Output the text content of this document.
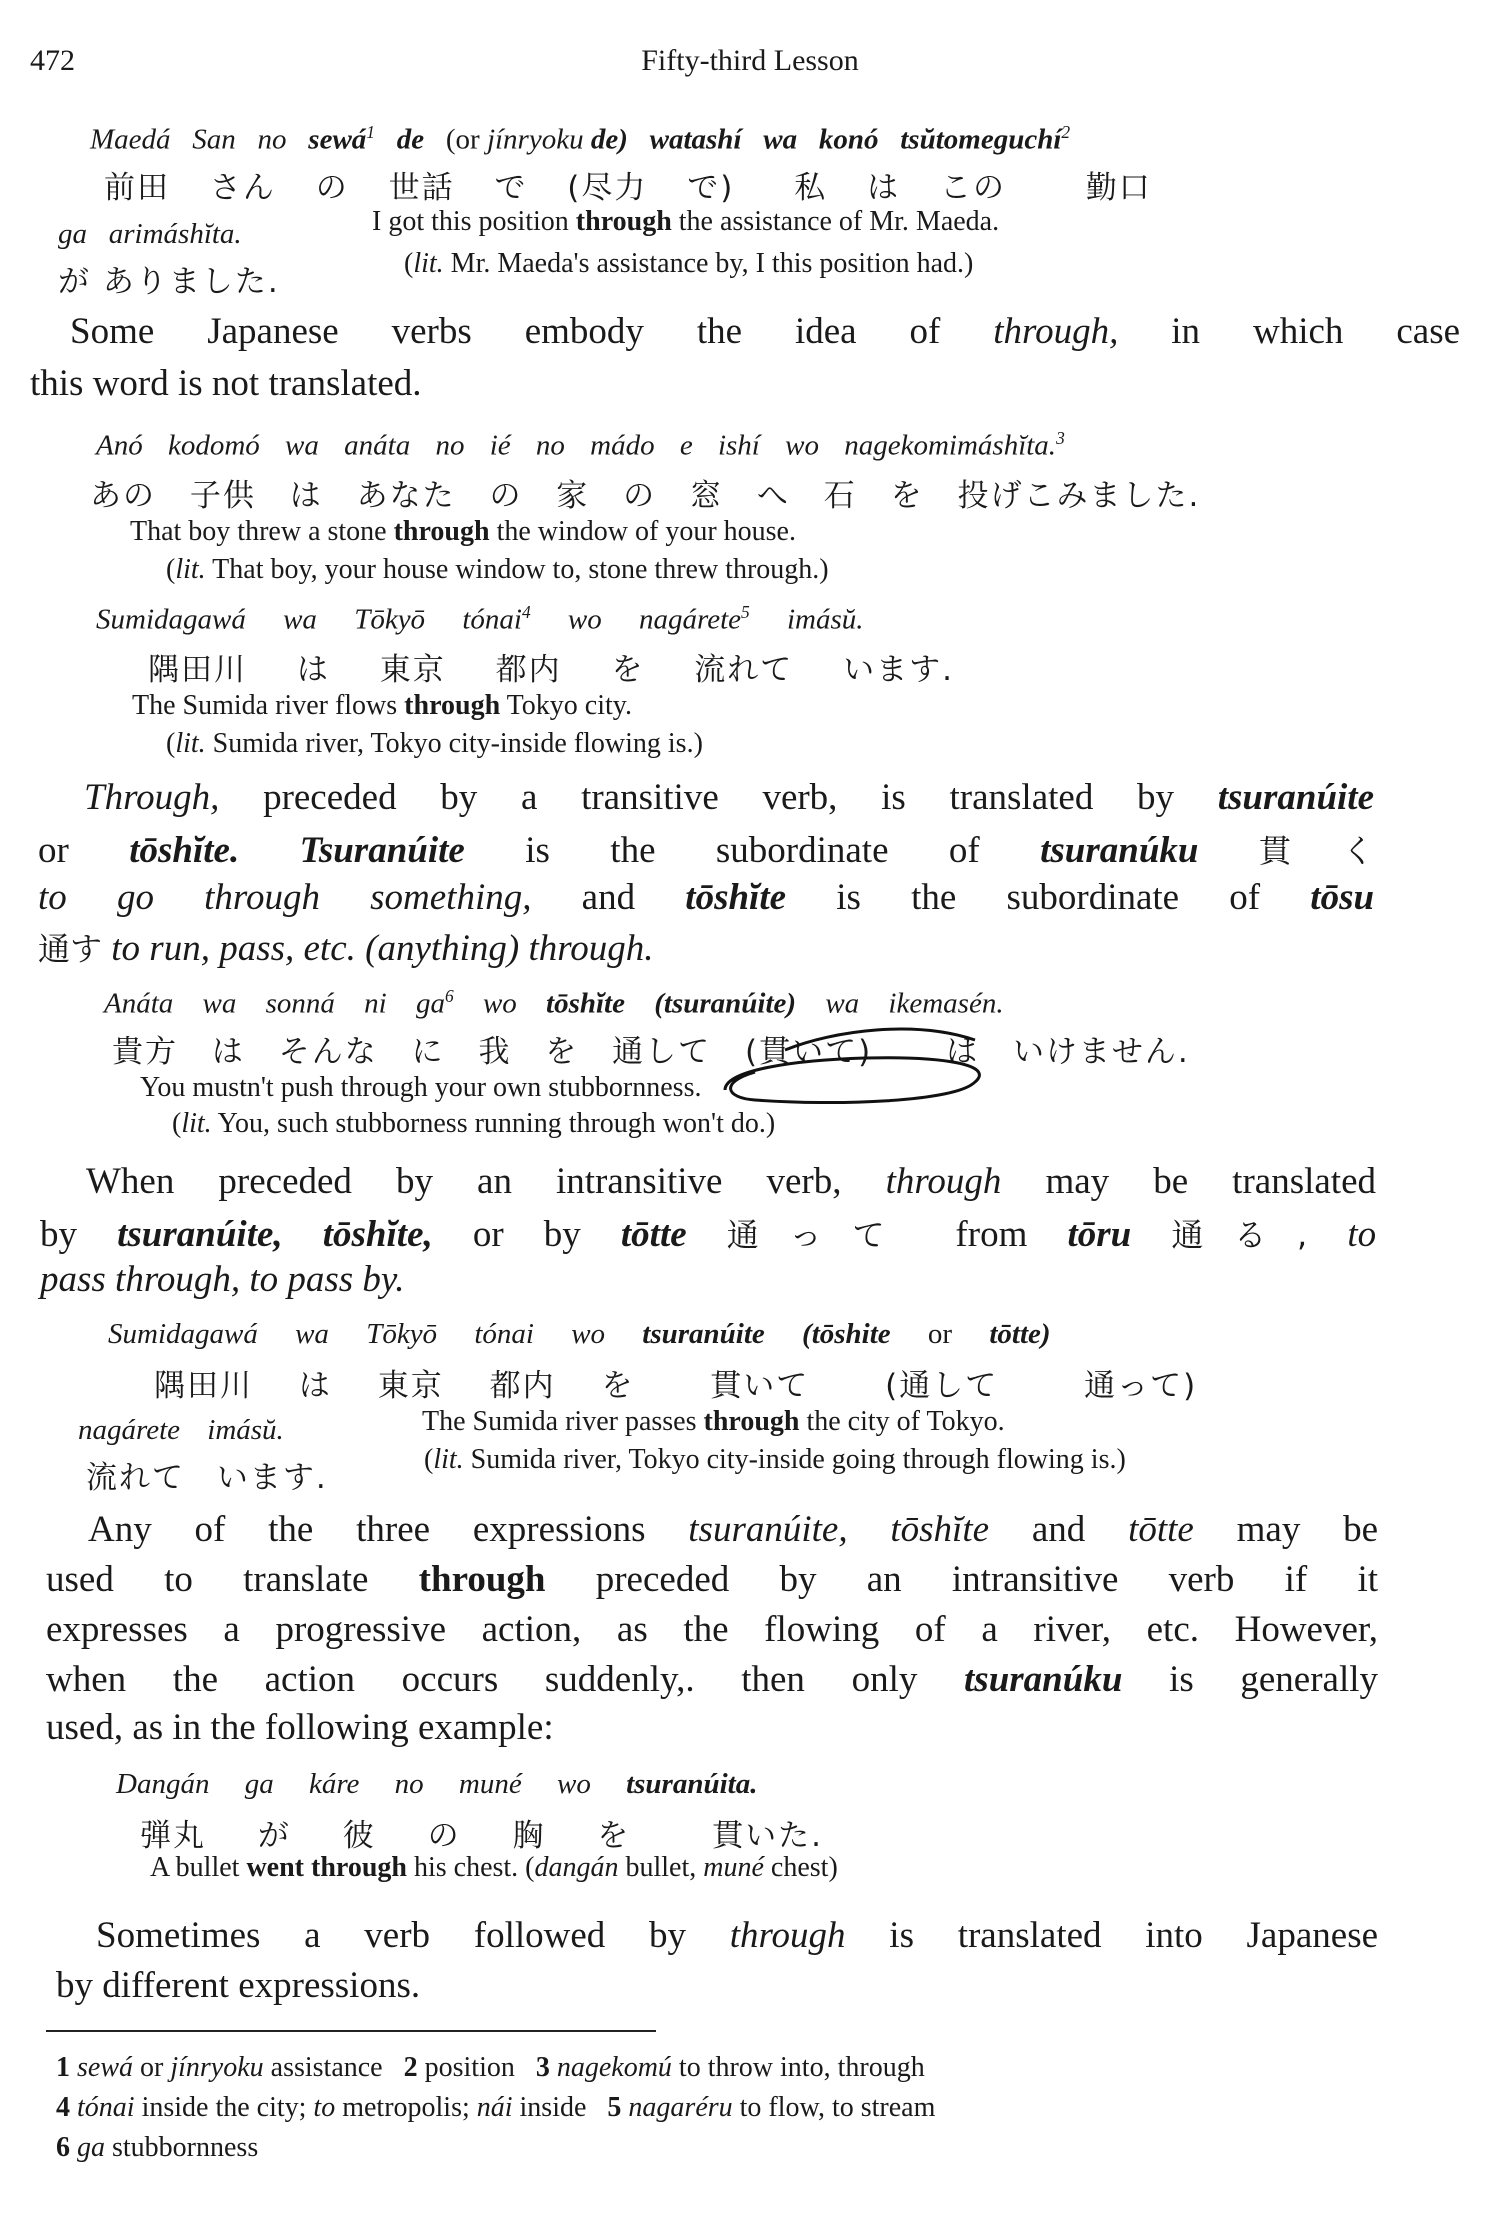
472	Fifty-third Lesson
Maedá San no sewá$^1$ de (or jínryoku de) watashí wa konó tsŭtomeguchí$^2$
前田 さん の 世話 で (尽力 で) 私 は この	勤口
ga arimáshĭta.	I got this position through the assistance of Mr. Maeda.
が ありました.
(lit. Mr. Maeda's assistance by, I this position had.)
Some Japanese verbs embody the idea of through, in which case
this word is not translated.
Anó kodomó wa anáta no ié no mádo e ishí wo nagekomimáshĭta.$^3$
あの 子供 は あなた の 家 の 窓 へ 石 を 投げこみました.
That boy threw a stone through the window of your house.
(lit. That boy, your house window to, stone threw through.)
Sumidagawá wa Tōkyō tónai$^4$ wo nagárete$^5$ imásŭ.
隅田川 は 東京 都内 を 流れて います.
The Sumida river flows through Tokyo city.
(lit. Sumida river, Tokyo city-inside flowing is.)
Through, preceded by a transitive verb, is translated by tsuranúite
or tōshĭte. Tsuranúite is the subordinate of tsuranúku 貫く
to go through something, and tōshĭte is the subordinate of tōsu
通す to run, pass, etc. (anything) through.
Anáta wa sonná ni $ga^6$ wo tōshĭte (tsuranúite) wa ikemasén.
貴方 は そんな に 我 を 通して (貫いて) は いけません.
You mustn't push through your own stubbornness.
(lit. You, such stubborness running through won't do.)
When preceded by an intransitive verb, through may be translated
by tsuranúite, tōshĭte, or by tōtte 通って from tōru 通る, to
pass through, to pass by.
Sumidagawá wa Tōkyō tónai wo tsuranúite (tōshite or tōtte)
隅田川 は 東京 都内 を 貫いて (通して	通って)
nagárete imásŭ.	The Sumida river passes through the city of Tokyo.
流れて います.
(lit. Sumida river, Tokyo city-inside going through flowing is.)
Any of the three expressions tsuranúite, tōshĭte and tōtte may be
used to translate through preceded by an intransitive verb if it
expresses a progressive action, as the flowing of a river, etc. However,
when the action occurs suddenly,. then only tsuranúku is generally
used, as in the following example:
Dangán ga káre no muné wo tsuranúita.
弾丸 が 彼 の 胸 を	貫いた.
A bullet went through his chest. (dangán bullet, muné chest)
Sometimes a verb followed by through is translated into Japanese
by different expressions.
1 sewá or jínryoku assistance 2 position 3 nagekomú to throw into, through
4 tónai inside the city; to metropolis; nái inside 5 nagaréru to flow, to stream
6 ga stubbornness
